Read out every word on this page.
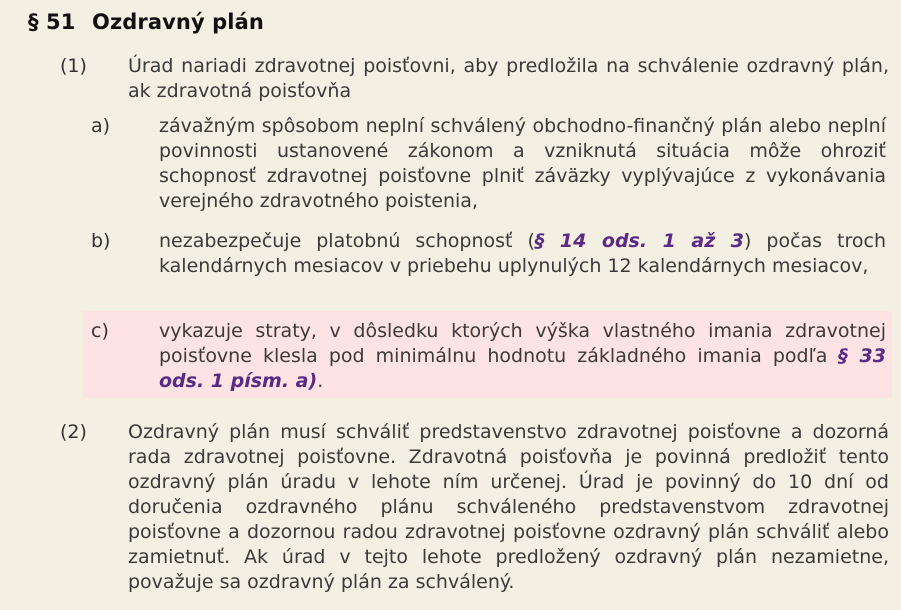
§ 51 Ozdravný plán
(1) Úrad nariadi zdravotnej poisťovni, aby predložila na schválenie ozdravný plán, ak zdravotná poisťovňa
a)	závažným spôsobom neplní schválený obchodno-finančný plán alebo neplní povinnosti ustanovené zákonom a vzniknutá situácia môže ohroziť schopnosť zdravotnej poisťovne plniť záväzky vyplývajúce z vykonávania verejného zdravotného poistenia,
b)	nezabezpečuje platobnú schopnosť (§ 14 ods. 1 až 3) počas troch kalendárnych mesiacov v priebehu uplynulých 12 kalendárnych mesiacov,
c)	vykazuje straty, v dôsledku ktorých výška vlastného imania zdravotnej poisťovne klesla pod minimálnu hodnotu základného imania podľa § 33 ods. 1 písm. a).
(2) Ozdravný plán musí schváliť predstavenstvo zdravotnej poisťovne a dozorná rada zdravotnej poisťovne. Zdravotná poisťovňa je povinná predložiť tento ozdravný plán úradu v lehote ním určenej. Úrad je povinný do 10 dní od doručenia ozdravného plánu schváleného predstavenstvom zdravotnej poisťovne a dozornou radou zdravotnej poisťovne ozdravný plán schváliť alebo zamietnuť. Ak úrad v tejto lehote predložený ozdravný plán nezamietne, považuje sa ozdravný plán za schválený.
